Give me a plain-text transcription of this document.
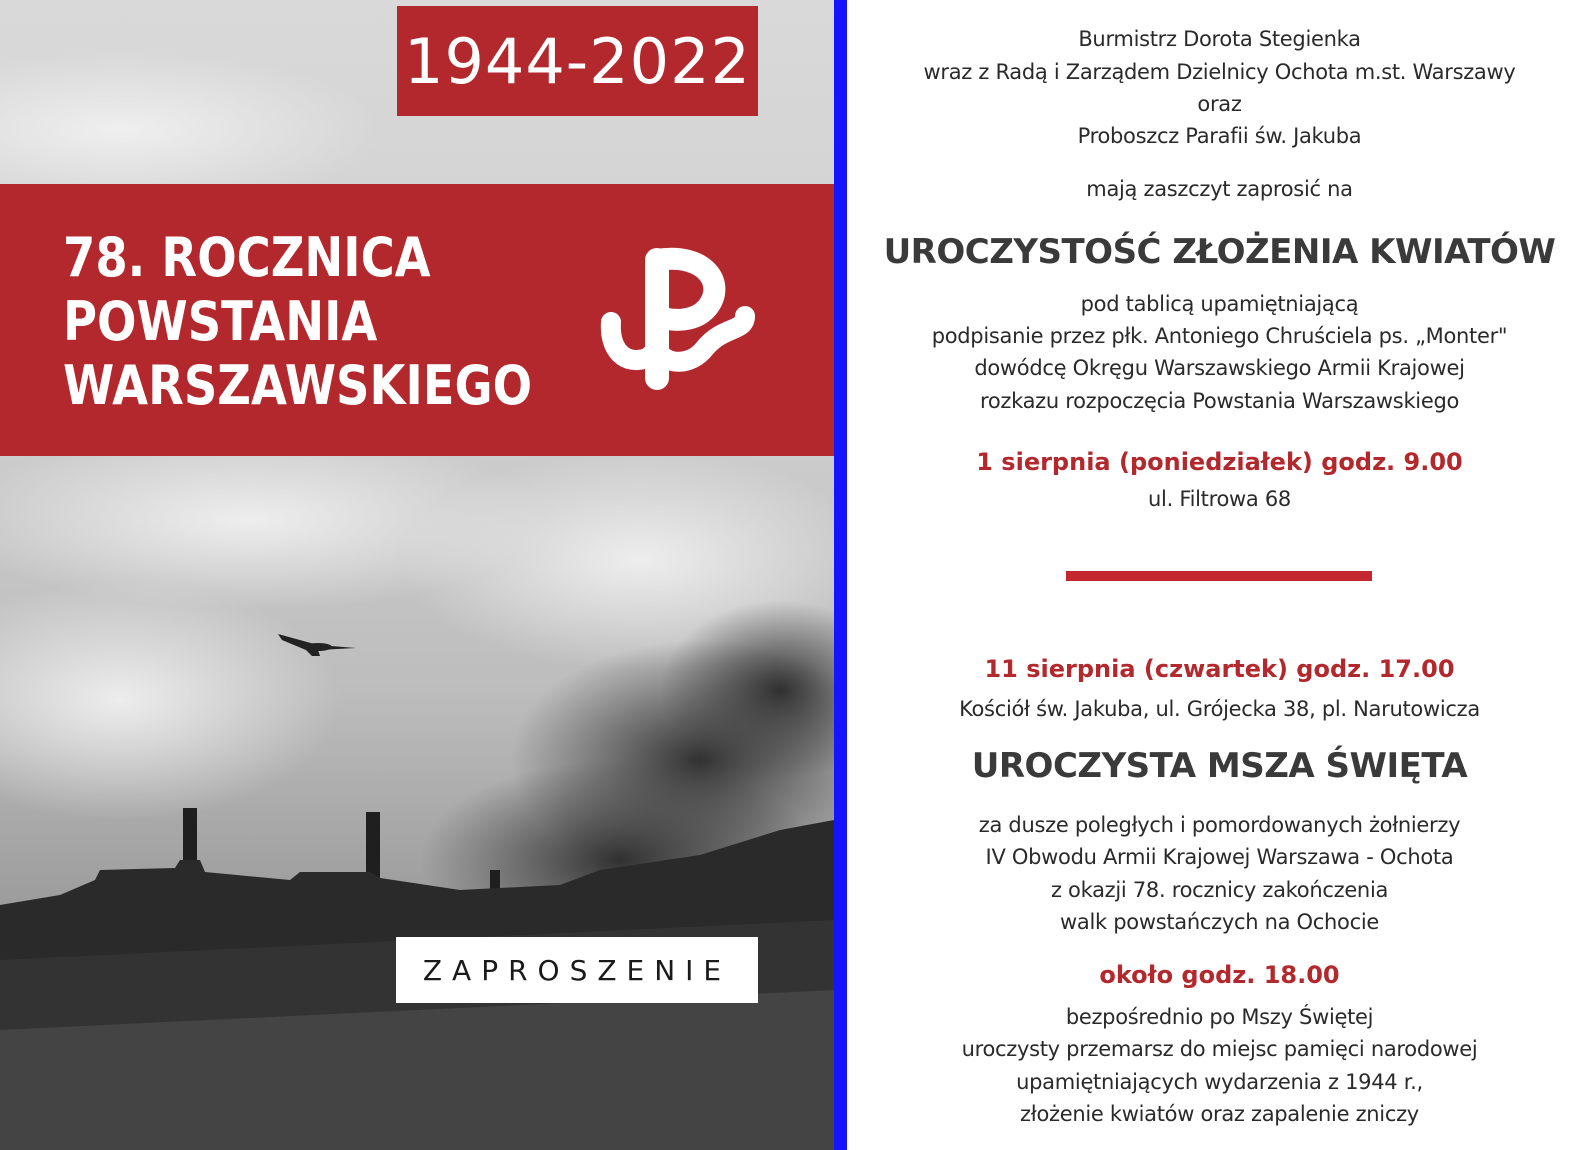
1944-2022
78. ROCZNICA
POWSTANIA
WARSZAWSKIEGO
ZAPROSZENIE
Burmistrz Dorota Stegienka
wraz z Radą i Zarządem Dzielnicy Ochota m.st. Warszawy
oraz
Proboszcz Parafii św. Jakuba
mają zaszczyt zaprosić na
UROCZYSTOŚĆ ZŁOŻENIA KWIATÓW
pod tablicą upamiętniającą
podpisanie przez płk. Antoniego Chruściela ps. „Monter"
dowódcę Okręgu Warszawskiego Armii Krajowej
rozkazu rozpoczęcia Powstania Warszawskiego
1 sierpnia (poniedziałek) godz. 9.00
ul. Filtrowa 68
11 sierpnia (czwartek) godz. 17.00
Kościół św. Jakuba, ul. Grójecka 38, pl. Narutowicza
UROCZYSTA MSZA ŚWIĘTA
za dusze poległych i pomordowanych żołnierzy
IV Obwodu Armii Krajowej Warszawa - Ochota
z okazji 78. rocznicy zakończenia
walk powstańczych na Ochocie
około godz. 18.00
bezpośrednio po Mszy Świętej
uroczysty przemarsz do miejsc pamięci narodowej
upamiętniających wydarzenia z 1944 r.,
złożenie kwiatów oraz zapalenie zniczy
